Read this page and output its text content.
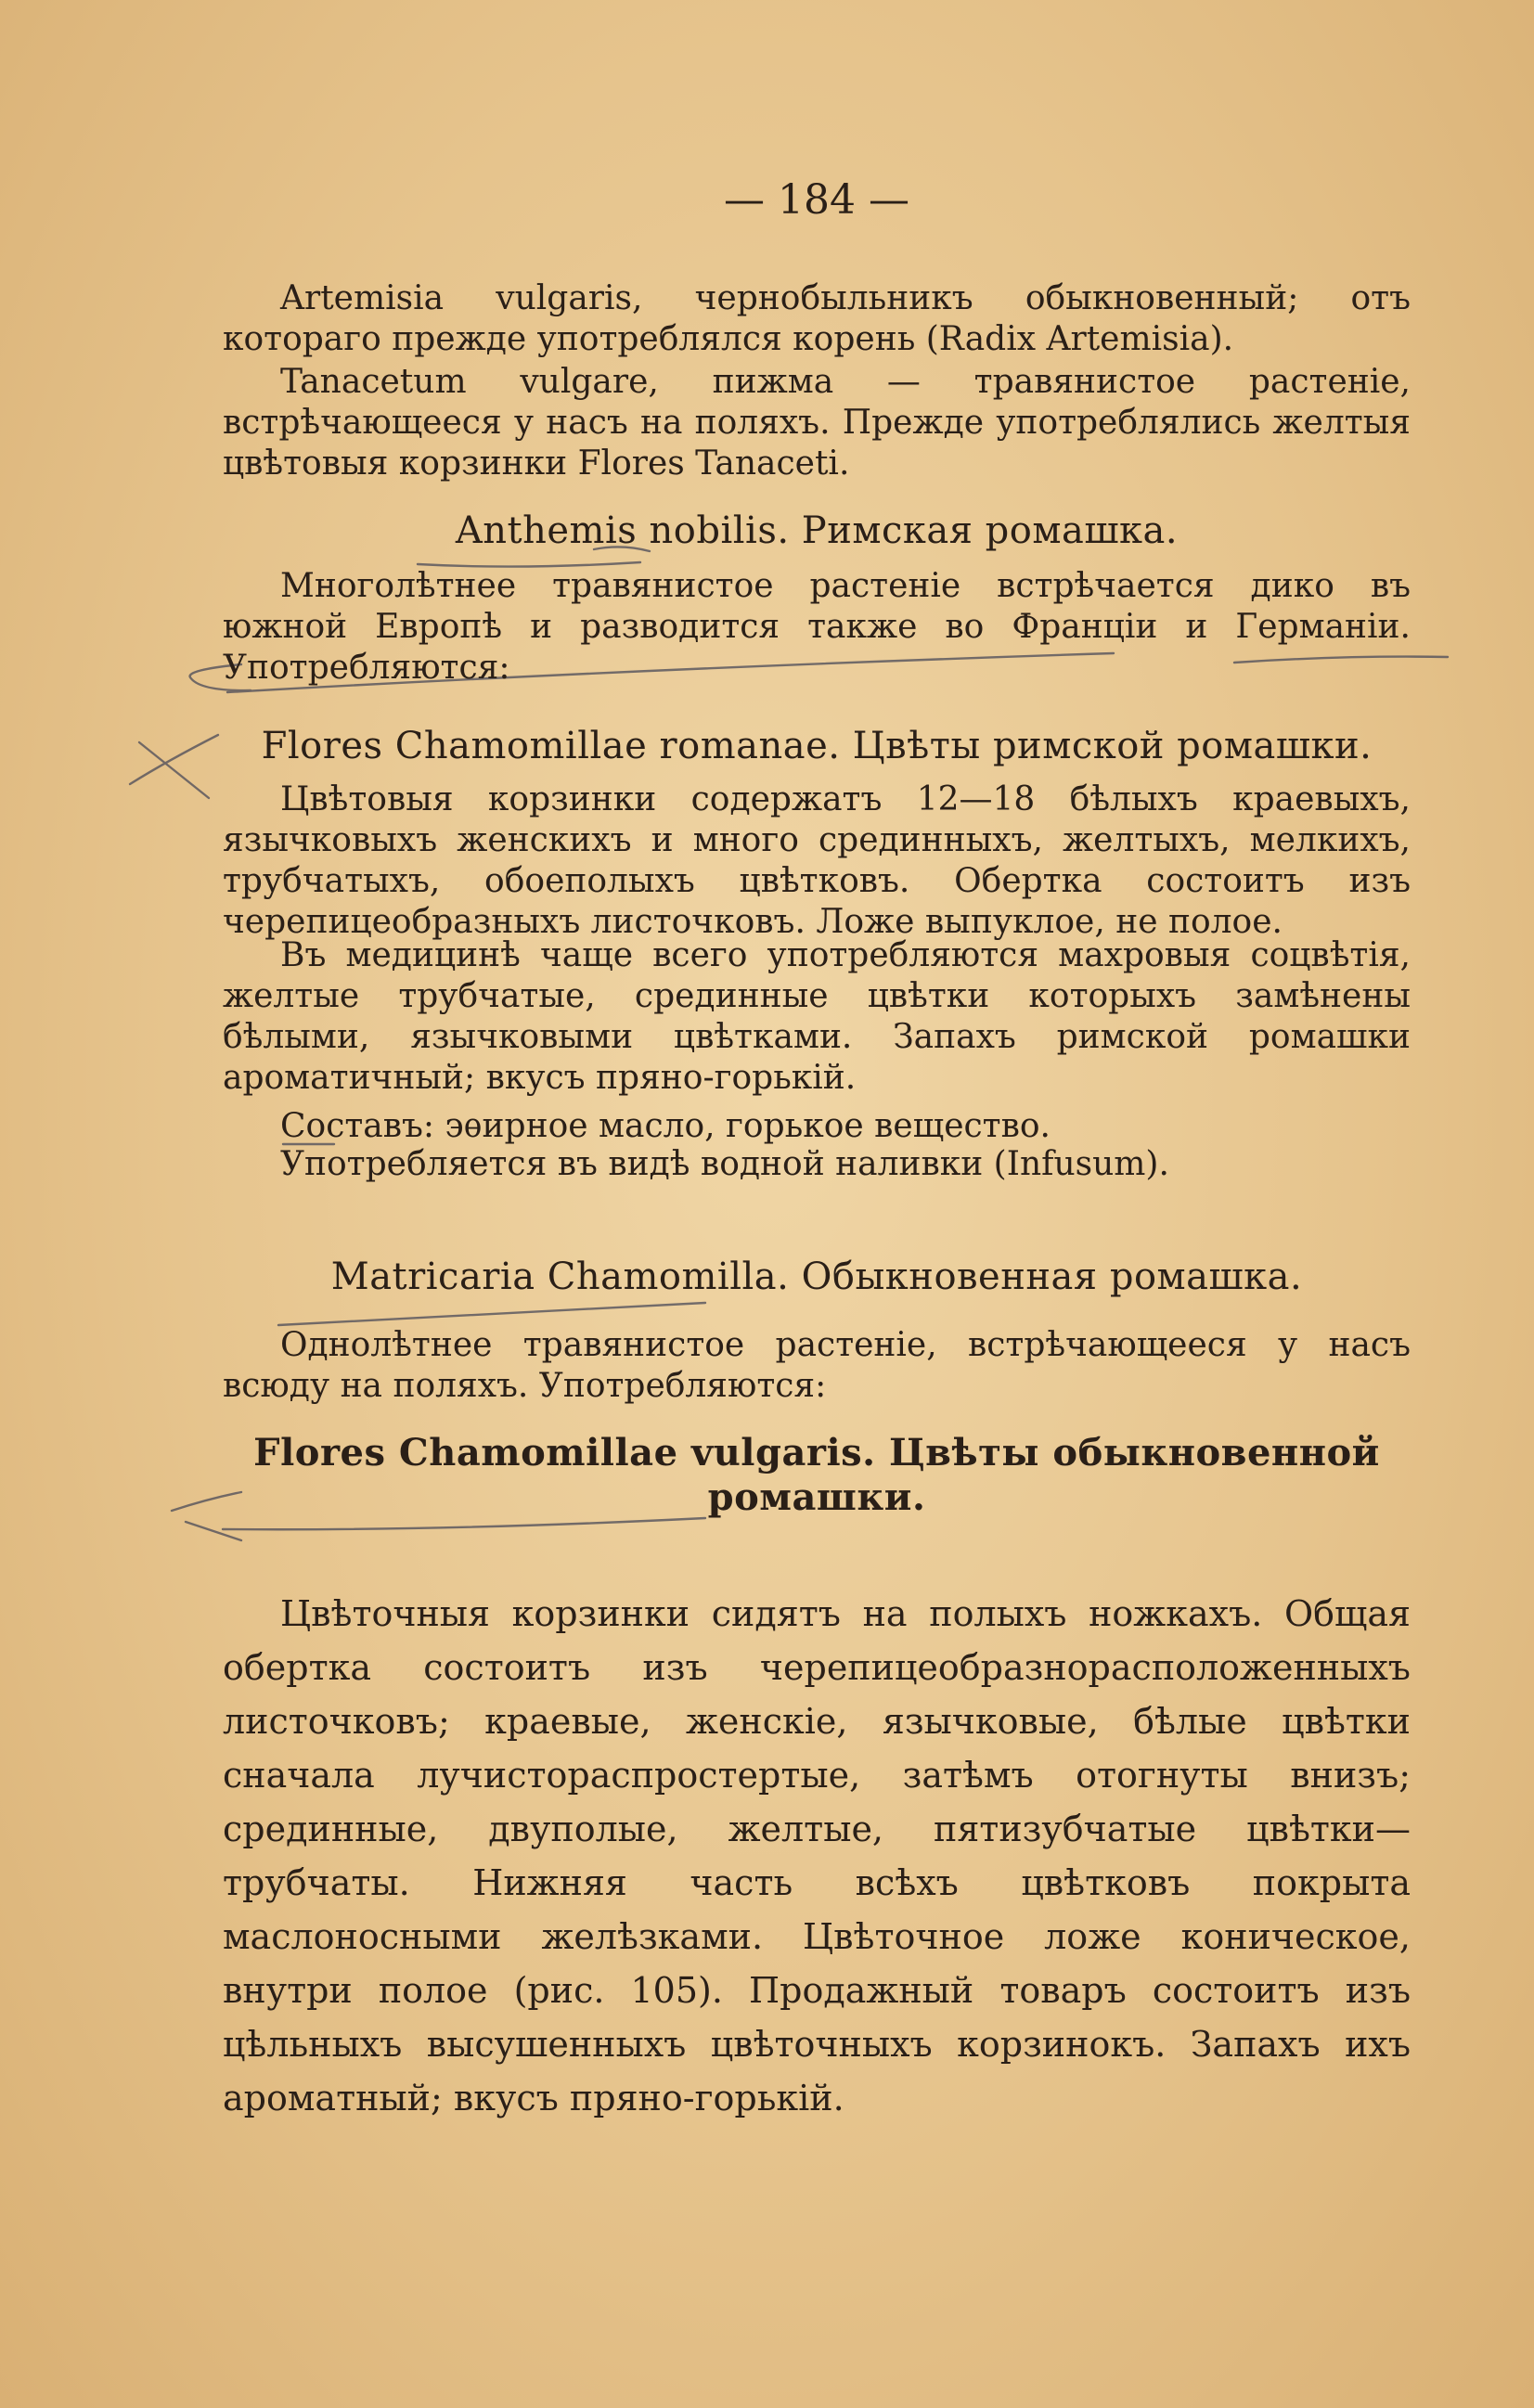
— 184 —
Artemisia vulgaris, чернобыльникъ обыкновенный; отъ котораго прежде употреблялся корень (Radix Artemisia).
Tanacetum vulgare, пижма — травянистое растенiе, встрѣчающееся у насъ на поляхъ. Прежде употреблялись желтыя цвѣтовыя корзинки Flores Tanaceti.
Anthemis nobilis. Римская ромашка.
Многолѣтнее травянистое растенiе встрѣчается дико въ южной Европѣ и разводится также во Францiи и Германiи. Употребляются:
Flores Chamomillae romanae. Цвѣты римской ромашки.
Цвѣтовыя корзинки содержатъ 12—18 бѣлыхъ краевыхъ, язычковыхъ женскихъ и много срединныхъ, желтыхъ, мелкихъ, трубчатыхъ, обоеполыхъ цвѣтковъ. Обертка состоитъ изъ черепицеобразныхъ листочковъ. Ложе выпуклое, не полое.
Въ медицинѣ чаще всего употребляются махровыя соцвѣтiя, желтые трубчатые, срединные цвѣтки которыхъ замѣнены бѣлыми, язычковыми цвѣтками. Запахъ римской ромашки ароматичный; вкусъ пряно-горькiй.
Составъ: эѳирное масло, горькое вещество.
Употребляется въ видѣ водной наливки (Infusum).
Matricaria Chamomilla. Обыкновенная ромашка.
Однолѣтнее травянистое растенiе, встрѣчающееся у насъ всюду на поляхъ. Употребляются:
Flores Chamomillae vulgaris. Цвѣты обыкновенной ромашки.
Цвѣточныя корзинки сидятъ на полыхъ ножкахъ. Общая обертка состоитъ изъ черепицеобразнорасположенныхъ листочковъ; краевые, женскiе, язычковые, бѣлые цвѣтки сначала лучистораспростертые, затѣмъ отогнуты внизъ; срединные, двуполые, желтые, пятизубчатые цвѣтки—трубчаты. Нижняя часть всѣхъ цвѣтковъ покрыта маслоносными желѣзками. Цвѣточное ложе коническое, внутри полое (рис. 105). Продажный товаръ состоитъ изъ цѣльныхъ высушенныхъ цвѣточныхъ корзинокъ. Запахъ ихъ ароматный; вкусъ пряно-горькiй.
